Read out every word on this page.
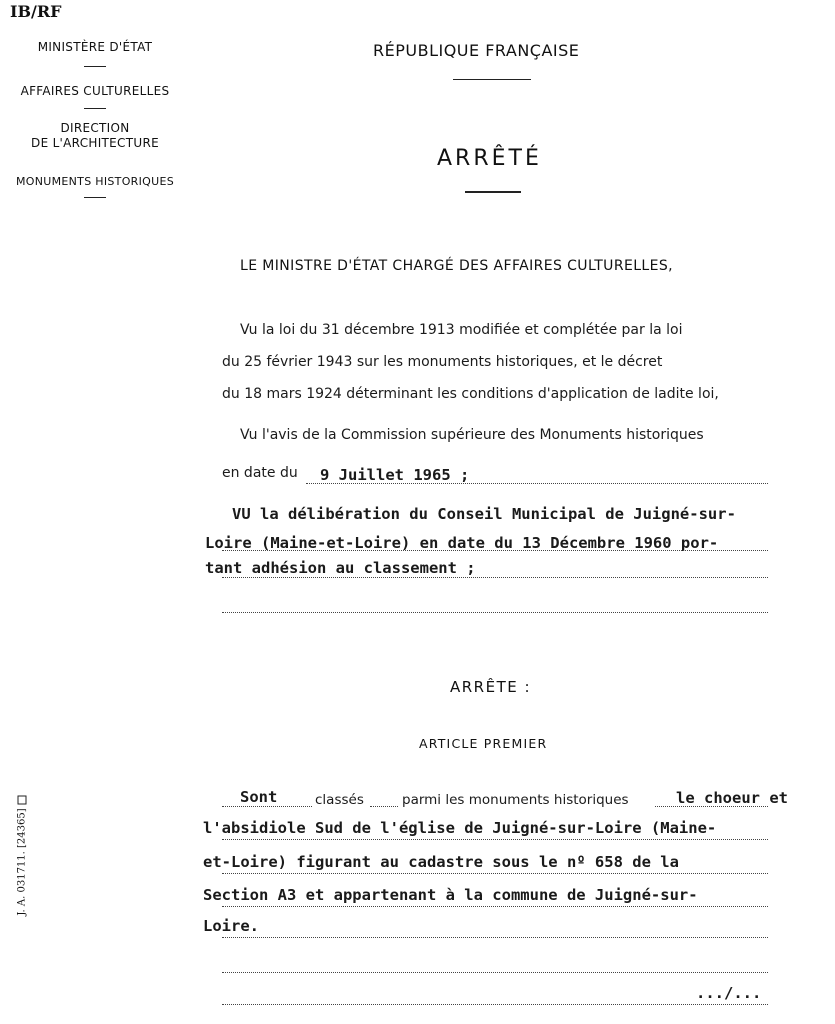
IB/RF
MINISTÈRE D'ÉTAT
AFFAIRES CULTURELLES
DIRECTION
DE L'ARCHITECTURE
MONUMENTS HISTORIQUES
RÉPUBLIQUE FRANÇAISE
ARRÊTÉ
LE MINISTRE D'ÉTAT CHARGÉ DES AFFAIRES CULTURELLES,
Vu la loi du 31 décembre 1913 modifiée et complétée par la loi
du 25 février 1943 sur les monuments historiques, et le décret
du 18 mars 1924 déterminant les conditions d'application de ladite loi,
Vu l'avis de la Commission supérieure des Monuments historiques
en date du 9 Juillet 1965 ;
VU la délibération du Conseil Municipal de Juigné-sur-
Loire (Maine-et-Loire) en date du 13 Décembre 1960 por-
tant adhésion au classement ;
ARRÊTE :
ARTICLE PREMIER
Sont	classés	parmi les monuments historiques	le choeur et
l'absidiole Sud de l'église de Juigné-sur-Loire (Maine-
et-Loire) figurant au cadastre sous le nº 658 de la
Section A3 et appartenant à la commune de Juigné-sur-
Loire.
.../...
J. A. 031711. [24365]
